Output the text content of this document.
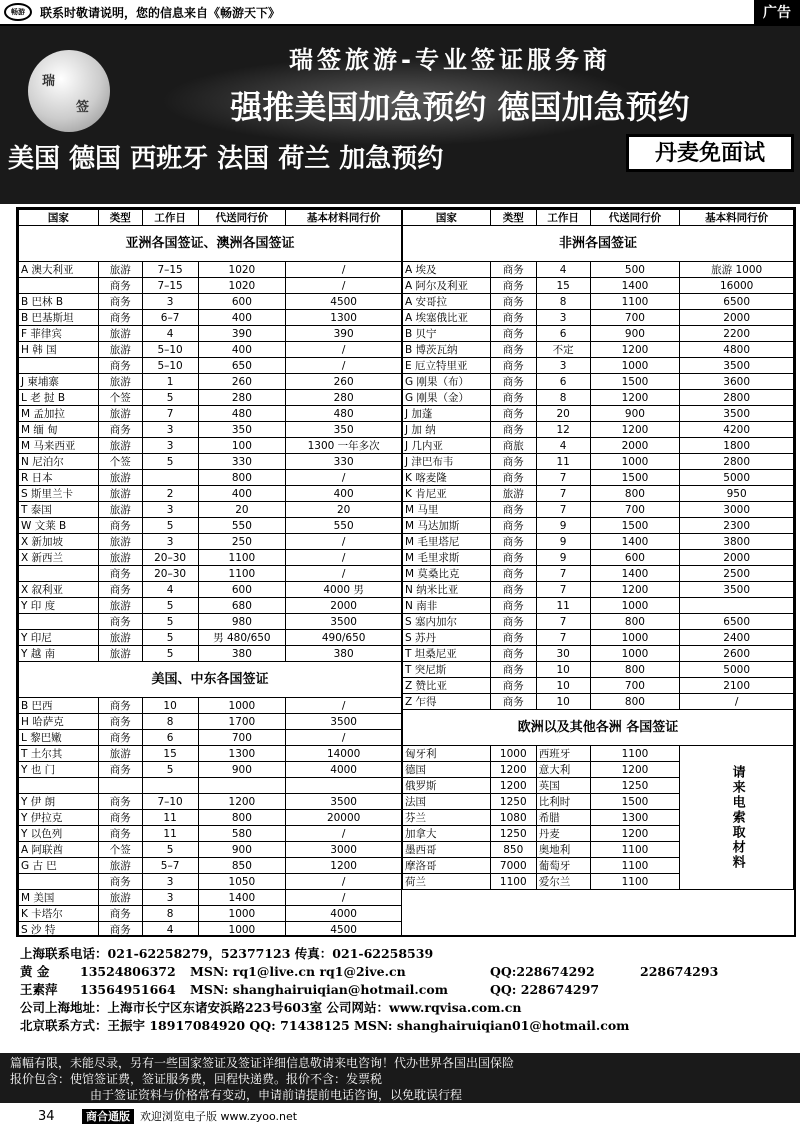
畅游	联系时敬请说明，您的信息来自《畅游天下》	广告
瑞
签
瑞签旅游-专业签证服务商
强推美国加急预约 德国加急预约
美国 德国 西班牙 法国 荷兰 加急预约	丹麦免面试
国家	类型	工作日	代送同行价	基本材料同行价
亚洲各国签证、澳洲各国签证				
A 澳大利亚	旅游	7–15	1020	/
	商务	7–15	1020	/
B 巴林 B	商务	3	600	4500
B 巴基斯坦	商务	6–7	400	1300
F 菲律宾	旅游	4	390	390
H 韩 国	旅游	5–10	400	/
	商务	5–10	650	/
J 柬埔寨	旅游	1	260	260
L 老 挝 B	个签	5	280	280
M 孟加拉	旅游	7	480	480
M 缅 甸	商务	3	350	350
M 马来西亚	旅游	3	100	1300 一年多次
N 尼泊尔	个签	5	330	330
R 日本	旅游		800	/
S 斯里兰卡	旅游	2	400	400
T 泰国	旅游	3	20	20
W 文莱 B	商务	5	550	550
X 新加坡	旅游	3	250	/
X 新西兰	旅游	20–30	1100	/
	商务	20–30	1100	/
X 叙利亚	商务	4	600	4000 男
Y 印 度	旅游	5	680	2000
	商务	5	980	3500
Y 印尼	旅游	5	男 480/650	490/650
Y 越 南	旅游	5	380	380
美国、中东各国签证				
B 巴西	商务	10	1000	/
H 哈萨克	商务	8	1700	3500
L 黎巴嫩	商务	6	700	/
T 土尔其	旅游	15	1300	14000
Y 也 门	商务	5	900	4000

Y 伊 朗	商务	7–10	1200	3500
Y 伊拉克	商务	11	800	20000
Y 以色列	商务	11	580	/
A 阿联酋	个签	5	900	3000
G 古 巴	旅游	5–7	850	1200
	商务	3	1050	/
M 美国	旅游	3	1400	/
K 卡塔尔	商务	8	1000	4000
S 沙 特	商务	4	1000	4500
国家	类型	工作日	代送同行价	基本料同行价
非洲各国签证				
A 埃及	商务	4	500	旅游 1000
A 阿尔及利亚	商务	15	1400	16000
A 安哥拉	商务	8	1100	6500
A 埃塞俄比亚	商务	3	700	2000
B 贝宁	商务	6	900	2200
B 博茨瓦纳	商务	不定	1200	4800
E 厄立特里亚	商务	3	1000	3500
G 刚果（布）	商务	6	1500	3600
G 刚果（金）	商务	8	1200	2800
J 加蓬	商务	20	900	3500
J 加 纳	商务	12	1200	4200
J 几内亚	商旅	4	2000	1800
J 津巴布韦	商务	11	1000	2800
K 喀麦隆	商务	7	1500	5000
K 肯尼亚	旅游	7	800	950
M 马里	商务	7	700	3000
M 马达加斯	商务	9	1500	2300
M 毛里塔尼	商务	9	1400	3800
M 毛里求斯	商务	9	600	2000
M 莫桑比克	商务	7	1400	2500
N 纳米比亚	商务	7	1200	3500
N 南非	商务	11	1000	
S 塞内加尔	商务	7	800	6500
S 苏丹	商务	7	1000	2400
T 坦桑尼亚	商务	30	1000	2600
T 突尼斯	商务	10	800	5000
Z 赞比亚	商务	10	700	2100
Z 乍得	商务	10	800	/
欧洲以及其他各洲 各国签证				
匈牙利	1000	西班牙	1100	请来电索取材料
德国	1200	意大利	1200	
俄罗斯	1200	英国	1250	
法国	1250	比利时	1500	
芬兰	1080	希腊	1300	
加拿大	1250	丹麦	1200	
墨西哥	850	奥地利	1100	
摩洛哥	7000	葡萄牙	1100	
荷兰	1100	爱尔兰	1100	
上海联系电话：021-62258279，52377123 传真：021-62258539
黄 金 13524806372 MSN: rq1@live.cn rq1@2ive.cn	QQ:228674292	228674293
王素萍 13564951664 MSN: shanghairuiqian@hotmail.com	QQ: 228674297
公司上海地址：上海市长宁区东诸安浜路223号603室 公司网站：www.rqvisa.com.cn
北京联系方式：王振宇 18917084920 QQ: 71438125 MSN: shanghairuiqian01@hotmail.com
篇幅有限，未能尽录，另有一些国家签证及签证详细信息敬请来电咨询！代办世界各国出国保险
报价包含：使馆签证费，签证服务费，回程快递费。报价不含：发票税
由于签证资料与价格常有变动，申请前请提前电话咨询，以免耽误行程
34	商合通版 欢迎浏览电子版 www.zyoo.net
